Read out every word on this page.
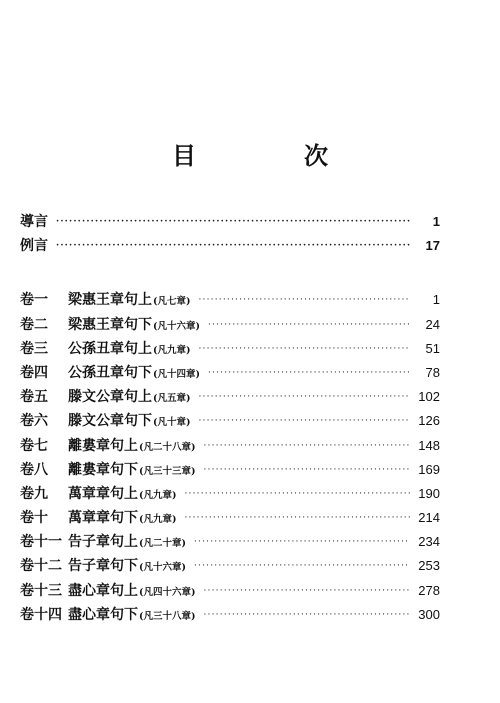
目　次
導言 ·····	1
例言 ·····	17
卷一	梁惠王章句上 (凡七章) ·····	1
卷二	梁惠王章句下 (凡十六章) ·····	24
卷三	公孫丑章句上 (凡九章) ·····	51
卷四	公孫丑章句下 (凡十四章) ·····	78
卷五	滕文公章句上 (凡五章) ·····	102
卷六	滕文公章句下 (凡十章) ·····	126
卷七	離婁章句上 (凡二十八章) ·····	148
卷八	離婁章句下 (凡三十三章) ·····	169
卷九	萬章章句上 (凡九章) ·····	190
卷十	萬章章句下 (凡九章) ·····	214
卷十一 告子章句上 (凡二十章) ·····	234
卷十二 告子章句下 (凡十六章) ·····	253
卷十三 盡心章句上 (凡四十六章) ·····	278
卷十四 盡心章句下 (凡三十八章) ·····	300
